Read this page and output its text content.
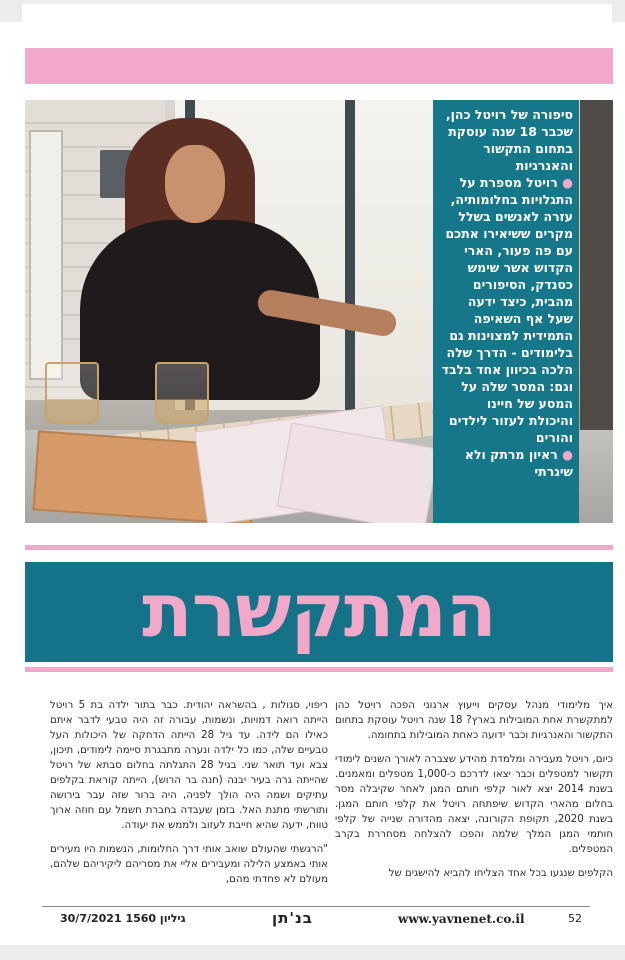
סיפורה של רויטל כהן, שכבר 18 שנה עוסקת בתחום התקשור והאנרגיות

● רויטל מספרת על התגלויות בחלומותיה, עזרה לאנשים בשלל מקרים ששיאירו אתכם עם פה פעור, הארי הקדוש אשר שימש כסנדק, הסיפורים מהבית, כיצד ידעה שעל אף השאיפה התמידית למצוינות גם בלימודים - הדרך שלה הלכה בכיוון אחד בלבד וגם: המסר שלה על המסע של חיינו והיכולת לעזור לילדים והורים

● ראיון מרתק ולא שיגרתי

המתקשרת

איך מלימודי מנהל עסקים וייעוץ ארגוני הפכה רויטל כהן למתקשרת אחת המובילות בארץ? 18 שנה רויטל עוסקת בתחום התקשור והאנרגיות וכבר ידועה כאחת המובילות בתחומה.

כיום, רויטל מעבירה ומלמדת מהידע שצברה לאורך השנים לימודי תקשור למטפלים וכבר יצאו לדרכם כ-1,000 מטפלים ומאמנים. בשנת 2014 יצא לאור קלפי חותם המגן לאחר שקיבלה מסר בחלום מהארי הקדוש שיפתחה רויטל את קלפי חותם המגן. בשנת 2020, תקופת הקורונה, יצאה מהדורה שנייה של קלפי חותמי המגן המלך שלמה והפכו להצלחה מסחררת בקרב המטפלים.

הקלפים שנגעו בכל אחד הצליחו להביא להישגים של

ריפוי, סגולות , בהשראה יהודית. כבר בתור ילדה בת 5 רויטל הייתה רואה דמויות, ונשמות, עבורה זה היה טבעי לדבר איתם כאילו הם לידה. עד גיל 28 הייתה הדחקה של היכולות העל טבעיים שלה, כמו כל ילדה ונערה מתבגרת סיימה לימודים, תיכון, צבא ועד תואר שני. בגיל 28 התגלתה בחלום סבתא של רויטל שהייתה גרה בעיר יבנה (חנה בר הרוש), הייתה קוראת בקלפים עתיקים ושמה היה הולך לפניה, היה ברור שזה עבר בירושה ותורשתי מתנת האל. בזמן שעבדה בחברת חשמל עם חוזה ארוך טווח, ידעה שהיא חייבת לעזוב ולממש את יעודה.

"הרגשתי שהעולם שואב אותי דרך החלומות, הנשמות היו מעירים אותי באמצע הלילה ומעבירים אליי את מסריהם ליקיריהם שלהם, מעולם לא פחדתי מהם,

52
www.yavnenet.co.il
בנ'תן
גיליון 1560 30/7/2021
